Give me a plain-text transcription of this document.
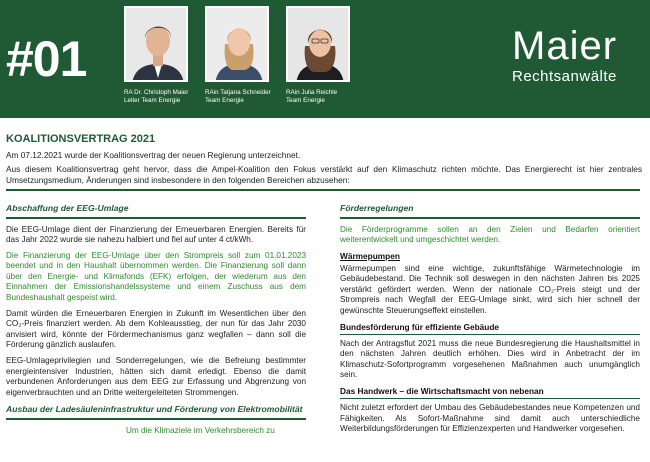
#01
RA Dr. Christoph Maier
Leiter Team Energie
RAin Tatjana Schneider
Team Energie
RAin Julia Reichle
Team Energie
Maier
Rechtsanwälte
KOALITIONSVERTRAG 2021
Am 07.12.2021 wurde der Koalitionsvertrag der neuen Regierung unterzeichnet.
Aus diesem Koalitionsvertrag geht hervor, dass die Ampel-Koalition den Fokus verstärkt auf den Klimaschutz richten möchte. Das Energierecht ist hier zentrales Umsetzungsmedium, Änderungen sind insbesondere in den folgenden Bereichen abzusehen:
Abschaffung der EEG-Umlage
Die EEG-Umlage dient der Finanzierung der Erneuerbaren Energien. Bereits für das Jahr 2022 wurde sie nahezu halbiert und fiel auf unter 4 ct/kWh.
Die Finanzierung der EEG-Umlage über den Strompreis soll zum 01.01.2023 beendet und in den Haushalt übernommen werden. Die Finanzierung soll dann über den Energie- und Klimafonds (EFK) erfolgen, der wiederum aus den Einnahmen der Emissionshandelssysteme und einem Zuschuss aus dem Bundeshaushalt gespeist wird.
Damit würden die Erneuerbaren Energien in Zukunft im Wesentlichen über den CO₂-Preis finanziert werden. Ab dem Kohleausstieg, der nun für das Jahr 2030 anvisiert wird, könnte der Fördermechanismus ganz wegfallen – dann soll die Förderung gänzlich auslaufen.
EEG-Umlageprivilegien und Sonderregelungen, wie die Befreiung bestimmter energieintensiver Industrien, hätten sich damit erledigt. Ebenso die damit verbundenen Anforderungen aus dem EEG zur Erfassung und Abgrenzung von eigenverbrauchten und an Dritte weitergeleiteten Strommengen.
Ausbau der Ladesäuleninfrastruktur und Förderung von Elektromobilität
Um die Klimaziele im Verkehrsbereich zu
Förderregelungen
Die Förderprogramme sollen an den Zielen und Bedarfen orientiert weiterentwickelt und umgeschichtet werden.
Wärmepumpen
Wärmepumpen sind eine wichtige, zukunftsfähige Wärmetechnologie im Gebäudebestand. Die Technik soll deswegen in den nächsten Jahren bis 2025 verstärkt gefördert werden. Wenn der nationale CO₂-Preis steigt und der Strompreis nach Wegfall der EEG-Umlage sinkt, wird sich hier schnell der gewünschte Steuerungseffekt einstellen.
Bundesförderung für effiziente Gebäude
Nach der Antragsflut 2021 muss die neue Bundesregierung die Haushaltsmittel in den nächsten Jahren deutlich erhöhen. Dies wird in Anbetracht der im Klimaschutz-Sofortprogramm vorgesehenen Maßnahmen auch unumgänglich sein.
Das Handwerk – die Wirtschaftsmacht von nebenan
Nicht zuletzt erfordert der Umbau des Gebäudebestandes neue Kompetenzen und Fähigkeiten. Als Sofort-Maßnahme sind damit auch unterschiedliche Weiterbildungsförderungen für Effizienzexperten und Handwerker vorgesehen.
